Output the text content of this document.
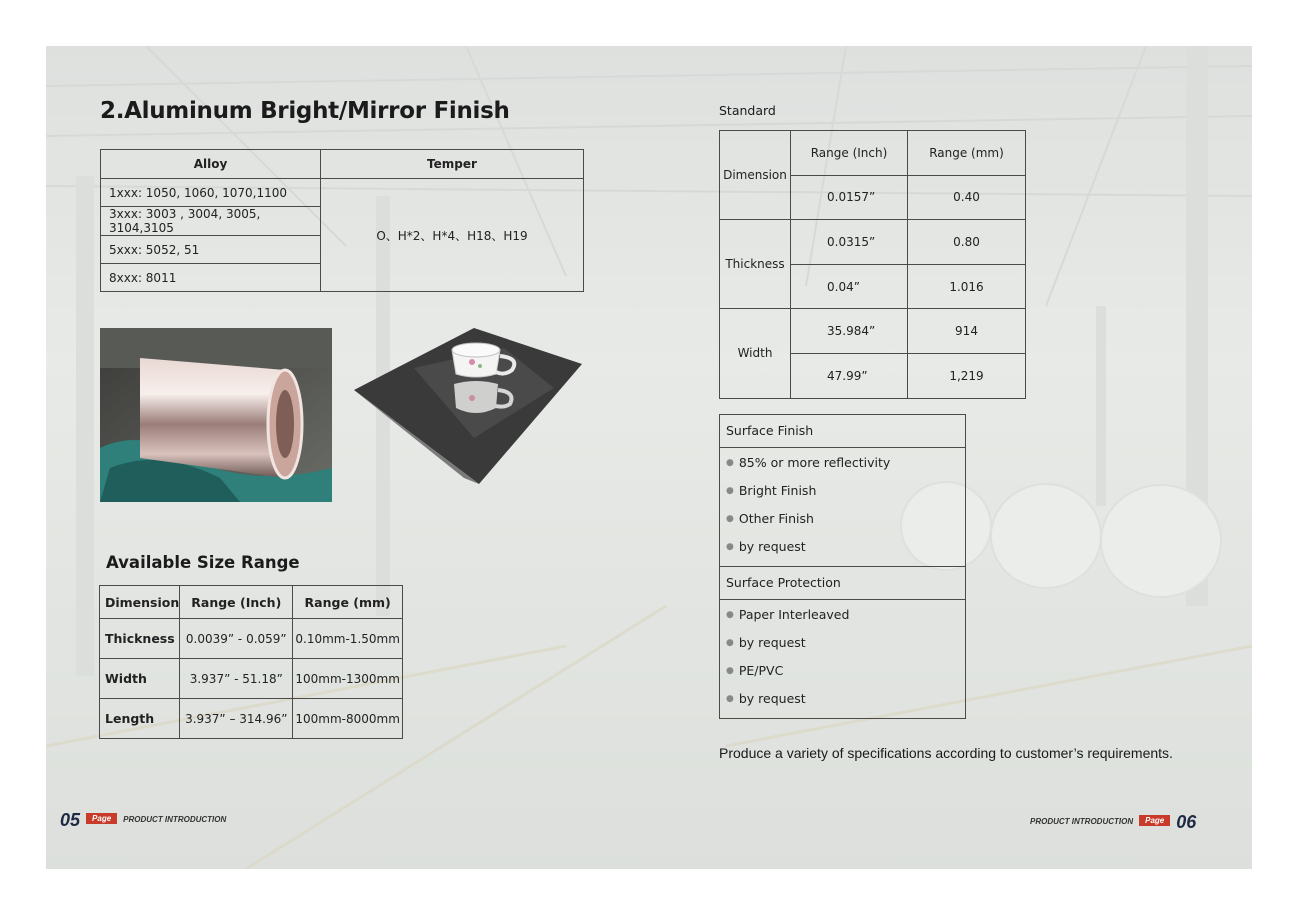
2.Aluminum Bright/Mirror Finish
Alloy	Temper
1xxx: 1050, 1060, 1070,1100	O、H*2、H*4、H18、H19
3xxx: 3003 , 3004, 3005, 3104,3105	
5xxx: 5052, 51	
8xxx: 8011	
Available Size Range
Dimension	Range (Inch)	Range (mm)
Thickness	0.0039” - 0.059”	0.10mm-1.50mm
Width	3.937” - 51.18”	100mm-1300mm
Length	3.937” – 314.96”	100mm-8000mm
05	Page	PRODUCT INTRODUCTION

Standard

Dimension	Range (Inch)	Range (mm)
	0.0157”	0.40
Thickness	0.0315”	0.80
	0.04”	1.016
Width	35.984”	914
	47.99”	1,219
Surface Finish
● 85% or more reflectivity
● Bright Finish
● Other Finish
● by request
Surface Protection
● Paper Interleaved
● by request
● PE/PVC
● by request

Produce a variety of specifications according to customer’s requirements.

PRODUCT INTRODUCTION	Page 06
